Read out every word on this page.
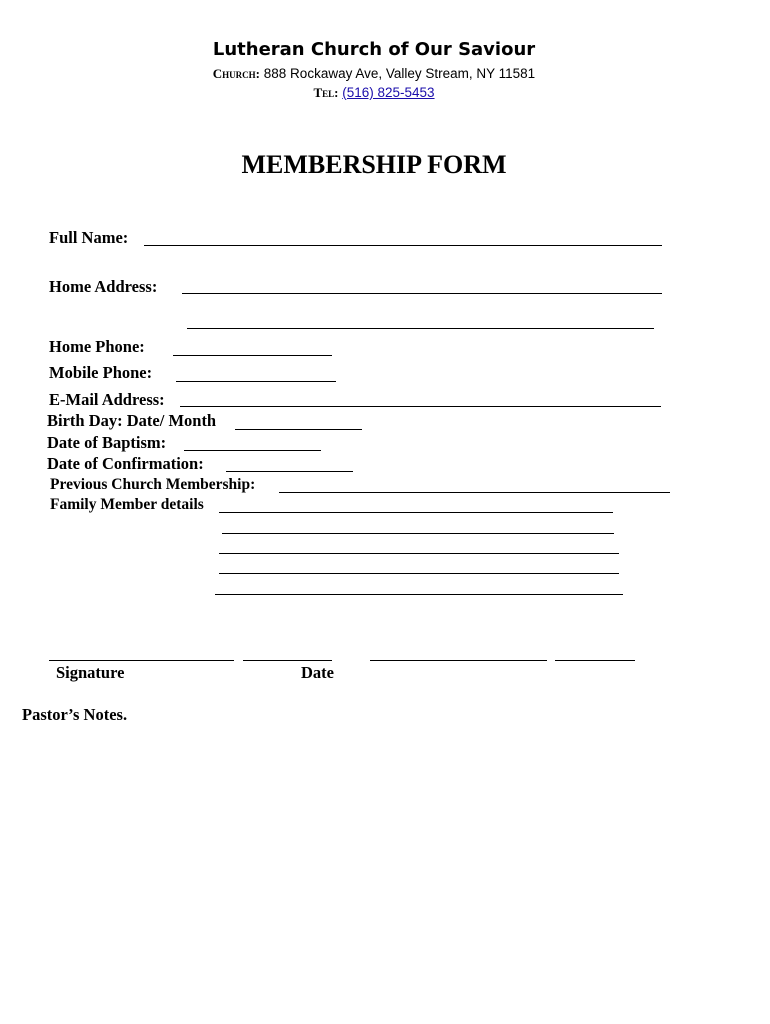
Lutheran Church of Our Saviour
Church: 888 Rockaway Ave, Valley Stream, NY 11581
Tel: (516) 825-5453
MEMBERSHIP FORM
Full Name:
Home Address:
Home Phone:
Mobile Phone:
E-Mail Address:
Birth Day: Date/ Month
Date of Baptism:
Date of Confirmation:
Previous Church Membership:
Family Member details
Signature	Date
Pastor’s Notes.
